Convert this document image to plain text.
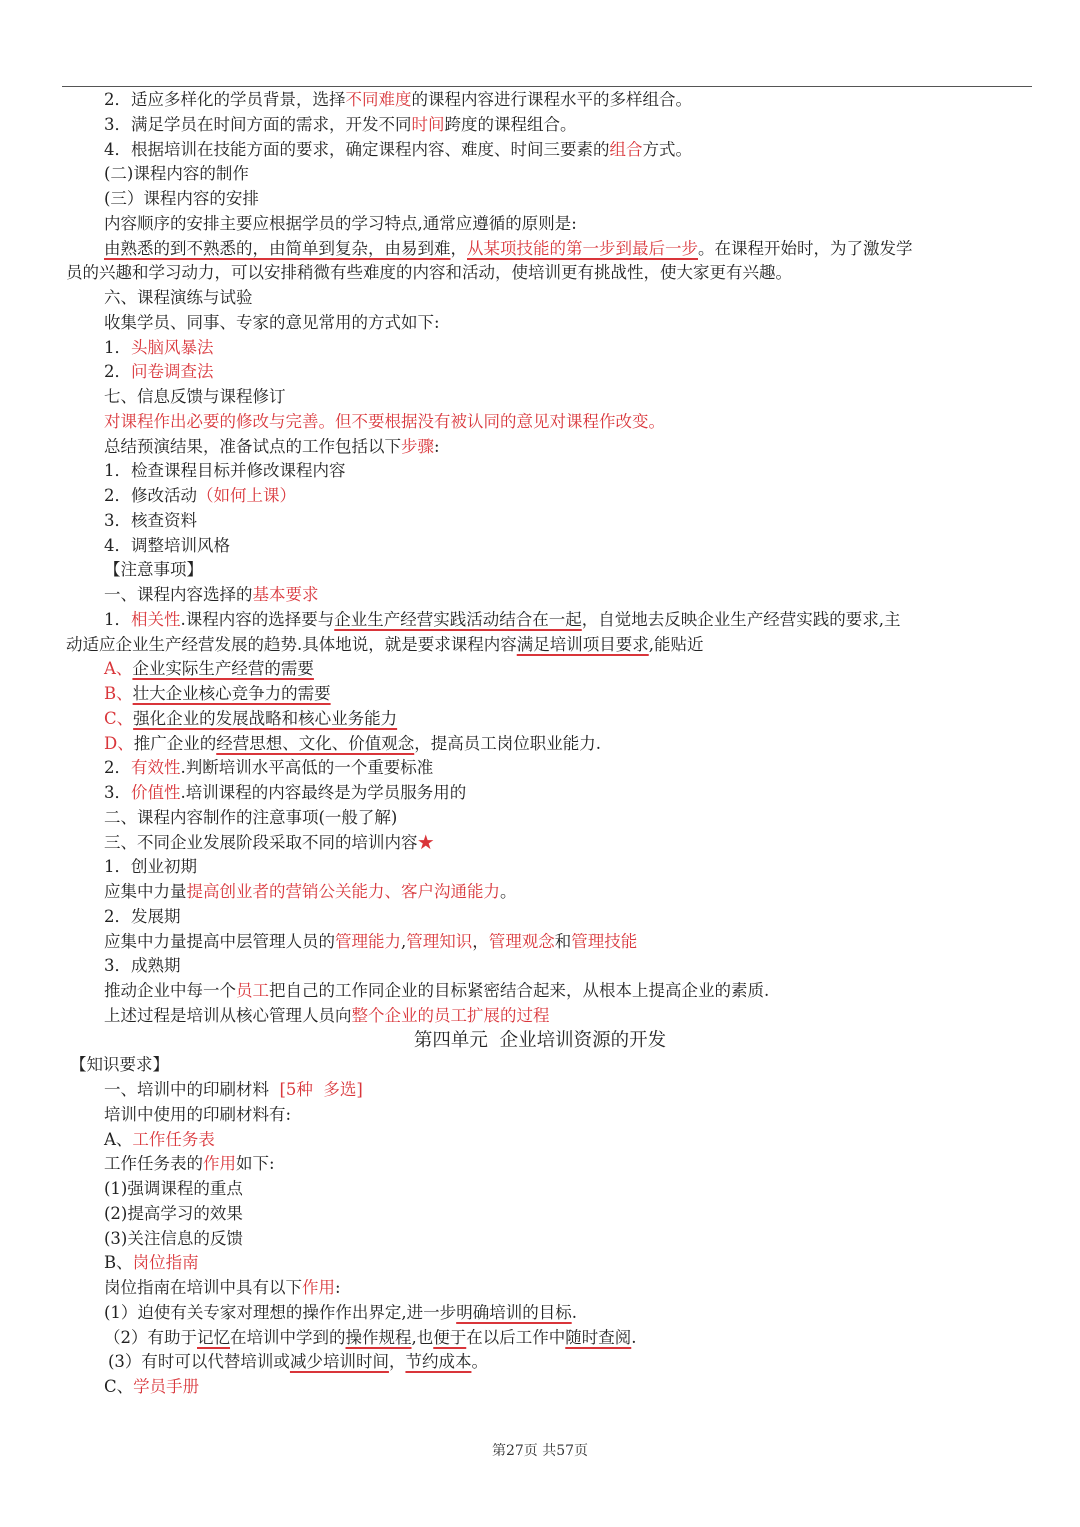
2．适应多样化的学员背景，选择不同难度的课程内容进行课程水平的多样组合。
3．满足学员在时间方面的需求，开发不同时间跨度的课程组合。
4．根据培训在技能方面的要求，确定课程内容、难度、时间三要素的组合方式。
(二)课程内容的制作
(三）课程内容的安排
内容顺序的安排主要应根据学员的学习特点,通常应遵循的原则是:
由熟悉的到不熟悉的，由简单到复杂，由易到难，从某项技能的第一步到最后一步。在课程开始时，为了激发学
员的兴趣和学习动力，可以安排稍微有些难度的内容和活动，使培训更有挑战性，使大家更有兴趣。
六、课程演练与试验
收集学员、同事、专家的意见常用的方式如下:
1．头脑风暴法
2．问卷调查法
七、信息反馈与课程修订
对课程作出必要的修改与完善。但不要根据没有被认同的意见对课程作改变。
总结预演结果，准备试点的工作包括以下步骤:
1．检查课程目标并修改课程内容
2．修改活动（如何上课）
3．核查资料
4．调整培训风格
【注意事项】
一、课程内容选择的基本要求
1．相关性.课程内容的选择要与企业生产经营实践活动结合在一起，自觉地去反映企业生产经营实践的要求,主
动适应企业生产经营发展的趋势.具体地说，就是要求课程内容满足培训项目要求,能贴近
A、企业实际生产经营的需要
B、壮大企业核心竞争力的需要
C、强化企业的发展战略和核心业务能力
D、推广企业的经营思想、文化、价值观念，提高员工岗位职业能力.
2．有效性.判断培训水平高低的一个重要标准
3．价值性.培训课程的内容最终是为学员服务用的
二、课程内容制作的注意事项(一般了解)
三、不同企业发展阶段采取不同的培训内容★
1．创业初期
应集中力量提高创业者的营销公关能力、客户沟通能力。
2．发展期
应集中力量提高中层管理人员的管理能力,管理知识，管理观念和管理技能
3．成熟期
推动企业中每一个员工把自己的工作同企业的目标紧密结合起来，从根本上提高企业的素质.
上述过程是培训从核心管理人员向整个企业的员工扩展的过程
第四单元  企业培训资源的开发
【知识要求】
一、培训中的印刷材料  [5种  多选]
培训中使用的印刷材料有:
A、工作任务表
工作任务表的作用如下:
(1)强调课程的重点
(2)提高学习的效果
(3)关注信息的反馈
B、岗位指南
岗位指南在培训中具有以下作用:
(1）迫使有关专家对理想的操作作出界定,进一步明确培训的目标.
（2）有助于记忆在培训中学到的操作规程,也便于在以后工作中随时查阅.
(3）有时可以代替培训或减少培训时间，节约成本。
C、学员手册
第27页 共57页
